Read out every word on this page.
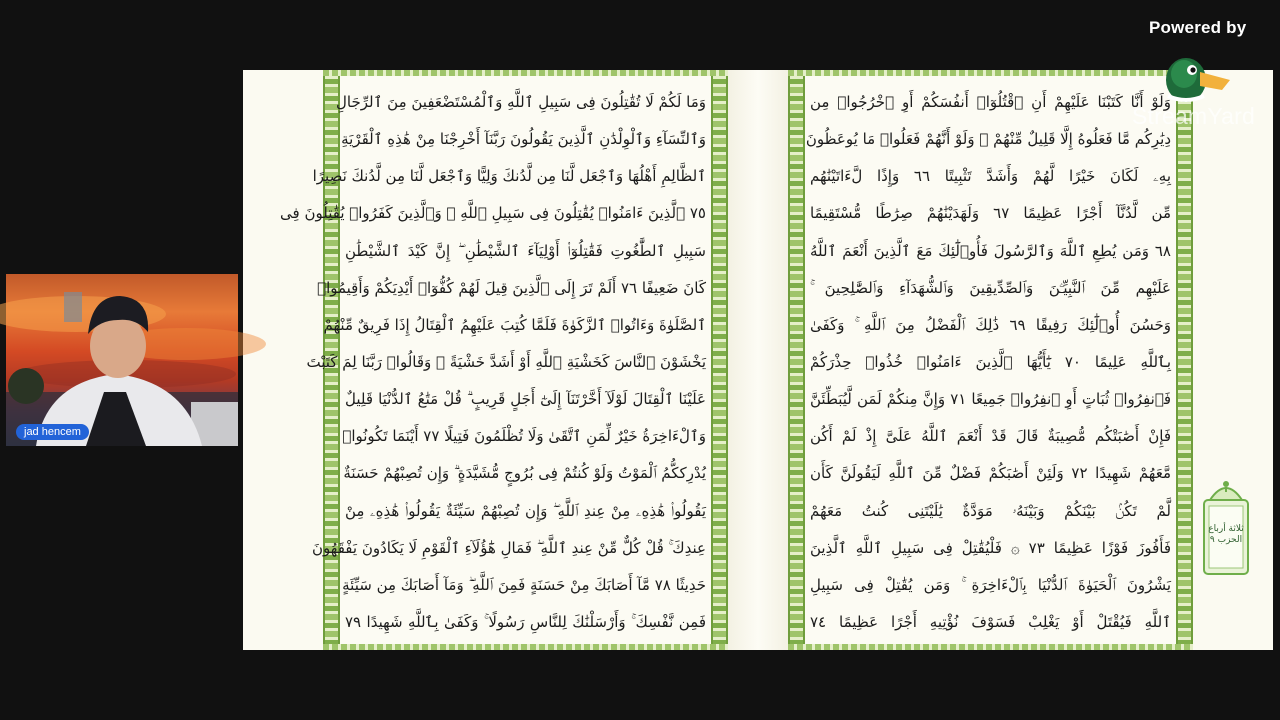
Powered by
وَمَا لَكُمْ لَا تُقَٰتِلُونَ فِى سَبِيلِ ٱللَّهِ وَٱلْمُسْتَضْعَفِينَ مِنَ ٱلرِّجَالِ
وَٱلنِّسَآءِ وَٱلْوِلْدَٰنِ ٱلَّذِينَ يَقُولُونَ رَبَّنَآ أَخْرِجْنَا مِنْ هَٰذِهِ ٱلْقَرْيَةِ
ٱلظَّالِمِ أَهْلُهَا وَٱجْعَل لَّنَا مِن لَّدُنكَ وَلِيًّا وَٱجْعَل لَّنَا مِن لَّدُنكَ نَصِيرًا
٧٥ ٱلَّذِينَ ءَامَنُوا۟ يُقَٰتِلُونَ فِى سَبِيلِ ٱللَّهِ ۖ وَٱلَّذِينَ كَفَرُوا۟ يُقَٰتِلُونَ فِى
سَبِيلِ ٱلطَّٰغُوتِ فَقَٰتِلُوٓا۟ أَوْلِيَآءَ ٱلشَّيْطَٰنِ ۖ إِنَّ كَيْدَ ٱلشَّيْطَٰنِ
كَانَ ضَعِيفًا ٧٦ أَلَمْ تَرَ إِلَى ٱلَّذِينَ قِيلَ لَهُمْ كُفُّوٓا۟ أَيْدِيَكُمْ وَأَقِيمُوا۟
ٱلصَّلَوٰةَ وَءَاتُوا۟ ٱلزَّكَوٰةَ فَلَمَّا كُتِبَ عَلَيْهِمُ ٱلْقِتَالُ إِذَا فَرِيقٌ مِّنْهُمْ
يَخْشَوْنَ ٱلنَّاسَ كَخَشْيَةِ ٱللَّهِ أَوْ أَشَدَّ خَشْيَةً ۚ وَقَالُوا۟ رَبَّنَا لِمَ كَتَبْتَ
عَلَيْنَا ٱلْقِتَالَ لَوْلَآ أَخَّرْتَنَآ إِلَىٰٓ أَجَلٍ قَرِيبٍ ۗ قُلْ مَتَٰعُ ٱلدُّنْيَا قَلِيلٌ
وَٱلْءَاخِرَةُ خَيْرٌ لِّمَنِ ٱتَّقَىٰ وَلَا تُظْلَمُونَ فَتِيلًا ٧٧ أَيْنَمَا تَكُونُوا۟
يُدْرِككُّمُ ٱلْمَوْتُ وَلَوْ كُنتُمْ فِى بُرُوجٍ مُّشَيَّدَةٍ ۗ وَإِن تُصِبْهُمْ حَسَنَةٌ
يَقُولُوا۟ هَٰذِهِۦ مِنْ عِندِ ٱللَّهِ ۖ وَإِن تُصِبْهُمْ سَيِّئَةٌ يَقُولُوا۟ هَٰذِهِۦ مِنْ
عِندِكَ ۚ قُلْ كُلٌّ مِّنْ عِندِ ٱللَّهِ ۖ فَمَالِ هَٰٓؤُلَآءِ ٱلْقَوْمِ لَا يَكَادُونَ يَفْقَهُونَ
حَدِيثًا ٧٨ مَّآ أَصَابَكَ مِنْ حَسَنَةٍ فَمِنَ ٱللَّهِ ۖ وَمَآ أَصَابَكَ مِن سَيِّئَةٍ
فَمِن نَّفْسِكَ ۚ وَأَرْسَلْنَٰكَ لِلنَّاسِ رَسُولًا ۚ وَكَفَىٰ بِٱللَّهِ شَهِيدًا ٧٩
وَلَوْ أَنَّا كَتَبْنَا عَلَيْهِمْ أَنِ ٱقْتُلُوٓا۟ أَنفُسَكُمْ أَوِ ٱخْرُجُوا۟ مِن
دِيَٰرِكُم مَّا فَعَلُوهُ إِلَّا قَلِيلٌ مِّنْهُمْ ۖ وَلَوْ أَنَّهُمْ فَعَلُوا۟ مَا يُوعَظُونَ
بِهِۦ لَكَانَ خَيْرًا لَّهُمْ وَأَشَدَّ تَثْبِيتًا ٦٦ وَإِذًا لَّءَاتَيْنَٰهُم
مِّن لَّدُنَّآ أَجْرًا عَظِيمًا ٦٧ وَلَهَدَيْنَٰهُمْ صِرَٰطًا مُّسْتَقِيمًا
٦٨ وَمَن يُطِعِ ٱللَّهَ وَٱلرَّسُولَ فَأُو۟لَٰٓئِكَ مَعَ ٱلَّذِينَ أَنْعَمَ ٱللَّهُ
عَلَيْهِم مِّنَ ٱلنَّبِيِّـۧنَ وَٱلصِّدِّيقِينَ وَٱلشُّهَدَآءِ وَٱلصَّٰلِحِينَ ۚ
وَحَسُنَ أُو۟لَٰٓئِكَ رَفِيقًا ٦٩ ذَٰلِكَ ٱلْفَضْلُ مِنَ ٱللَّهِ ۚ وَكَفَىٰ
بِٱللَّهِ عَلِيمًا ٧٠ يَٰٓأَيُّهَا ٱلَّذِينَ ءَامَنُوا۟ خُذُوا۟ حِذْرَكُمْ
فَٱنفِرُوا۟ ثُبَاتٍ أَوِ ٱنفِرُوا۟ جَمِيعًا ٧١ وَإِنَّ مِنكُمْ لَمَن لَّيُبَطِّئَنَّ
فَإِنْ أَصَٰبَتْكُم مُّصِيبَةٌ قَالَ قَدْ أَنْعَمَ ٱللَّهُ عَلَىَّ إِذْ لَمْ أَكُن
مَّعَهُمْ شَهِيدًا ٧٢ وَلَئِنْ أَصَٰبَكُمْ فَضْلٌ مِّنَ ٱللَّهِ لَيَقُولَنَّ كَأَن
لَّمْ تَكُنۢ بَيْنَكُمْ وَبَيْنَهُۥ مَوَدَّةٌ يَٰلَيْتَنِى كُنتُ مَعَهُمْ
فَأَفُوزَ فَوْزًا عَظِيمًا ٧٣ ۞ فَلْيُقَٰتِلْ فِى سَبِيلِ ٱللَّهِ ٱلَّذِينَ
يَشْرُونَ ٱلْحَيَوٰةَ ٱلدُّنْيَا بِٱلْءَاخِرَةِ ۚ وَمَن يُقَٰتِلْ فِى سَبِيلِ
ٱللَّهِ فَيُقْتَلْ أَوْ يَغْلِبْ فَسَوْفَ نُؤْتِيهِ أَجْرًا عَظِيمًا ٧٤
ثلاثة أرباع الحزب ٩
StreamYard
jad hencem
